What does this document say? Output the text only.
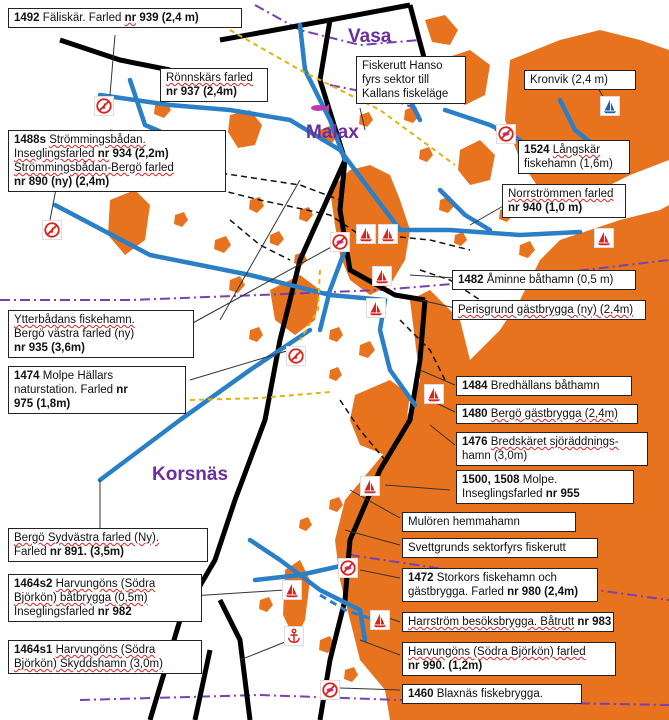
Vasa
Malax
Korsnäs
1492 Fäliskär. Farled nr 939 (2,4 m)
Rönnskärs farled
nr 937 (2,4m)
Fiskerutt Hanso
fyrs sektor till
Kallans fiskeläge
Kronvik (2,4 m)
1524 Långskär
fiskehamn (1,6m)
1488s Strömmingsbådan.
Inseglingsfarled nr 934 (2,2m)
Strömmingsbådan-Bergö farled
nr 890 (ny) (2,4m)
Norrströmmen farled
nr 940 (1,0 m)
1482 Åminne båthamn (0,5 m)
Perisgrund gästbrygga (ny) (2,4m)
Ytterbådans fiskehamn.
Bergö västra farled (ny)
nr 935 (3,6m)
1474 Molpe Hällars
naturstation. Farled nr
975 (1,8m)
1484 Bredhällans båthamn
1480 Bergö gästbrygga (2,4m)
1476 Bredskäret sjöräddnings-
hamn (3,0m)
1500, 1508 Molpe.
Inseglingsfarled nr 955
Mulören hemmahamn
Svettgrunds sektorfyrs fiskerutt
Bergö Sydvästra farled (Ny).
Farled nr 891. (3,5m)
1464s2 Harvungöns (Södra
Björkön) båtbrygga (0,5m)
Inseglingsfarled nr 982
1472 Storkors fiskehamn och
gästbrygga. Farled nr 980 (2,4m)
Harrström besöksbrygga. Båtrutt nr 983
1464s1 Harvungöns (Södra
Björkön) Skyddshamn (3,0m)
Harvungöns (Södra Björkön) farled
nr 990. (1,2m)
1460 Blaxnäs fiskebrygga.
